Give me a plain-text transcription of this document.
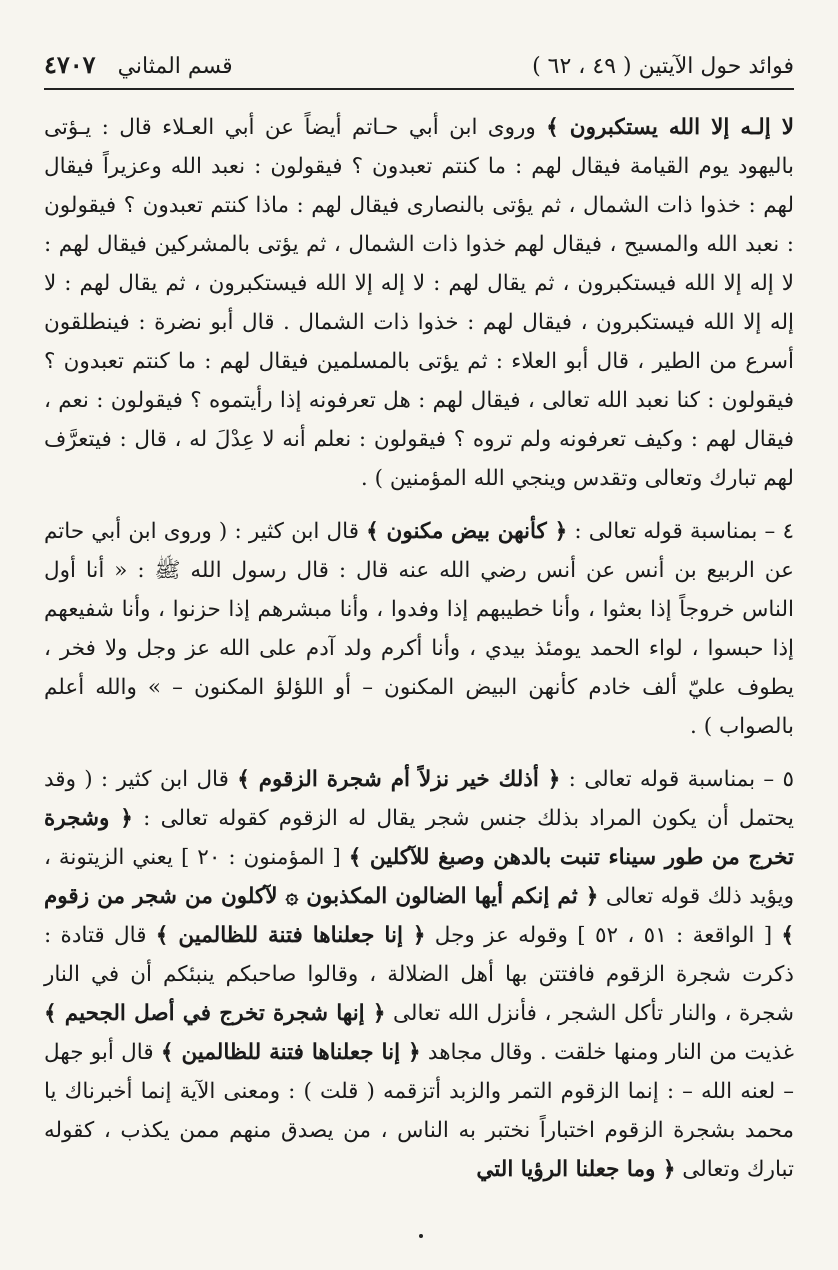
فوائد حول الآيتين ( ٤٩ ، ٦٢ )
٤٧٠٧ قسم المثاني

لا إلـه إلا الله يستكبرون ﴾ وروى ابن أبي حـاتم أيضاً عن أبي العـلاء قال : يـؤتى باليهود يوم القيامة فيقال لهم : ما كنتم تعبدون ؟ فيقولون : نعبد الله وعزيراً فيقال لهم : خذوا ذات الشمال ، ثم يؤتى بالنصارى فيقال لهم : ماذا كنتم تعبدون ؟ فيقولون : نعبد الله والمسيح ، فيقال لهم خذوا ذات الشمال ، ثم يؤتى بالمشركين فيقال لهم : لا إله إلا الله فيستكبرون ، ثم يقال لهم : لا إله إلا الله فيستكبرون ، ثم يقال لهم : لا إله إلا الله فيستكبرون ، فيقال لهم : خذوا ذات الشمال . قال أبو نضرة : فينطلقون أسرع من الطير ، قال أبو العلاء : ثم يؤتى بالمسلمين فيقال لهم : ما كنتم تعبدون ؟ فيقولون : كنا نعبد الله تعالى ، فيقال لهم : هل تعرفونه إذا رأيتموه ؟ فيقولون : نعم ، فيقال لهم : وكيف تعرفونه ولم تروه ؟ فيقولون : نعلم أنه لا عِدْلَ له ، قال : فيتعرَّف لهم تبارك وتعالى وتقدس وينجي الله المؤمنين ) .

٤ – بمناسبة قوله تعالى : ﴿ كأنهن بيض مكنون ﴾ قال ابن كثير : ( وروى ابن أبي حاتم عن الربيع بن أنس عن أنس رضي الله عنه قال : قال رسول الله ﷺ : « أنا أول الناس خروجاً إذا بعثوا ، وأنا خطيبهم إذا وفدوا ، وأنا مبشرهم إذا حزنوا ، وأنا شفيعهم إذا حبسوا ، لواء الحمد يومئذ بيدي ، وأنا أكرم ولد آدم على الله عز وجل ولا فخر ، يطوف عليّ ألف خادم كأنهن البيض المكنون – أو اللؤلؤ المكنون – » والله أعلم بالصواب ) .

٥ – بمناسبة قوله تعالى : ﴿ أذلك خير نزلاً أم شجرة الزقوم ﴾ قال ابن كثير : ( وقد يحتمل أن يكون المراد بذلك جنس شجر يقال له الزقوم كقوله تعالى : ﴿ وشجرة تخرج من طور سيناء تنبت بالدهن وصبغ للآكلين ﴾ [ المؤمنون : ٢٠ ] يعني الزيتونة ، ويؤيد ذلك قوله تعالى ﴿ ثم إنكم أيها الضالون المكذبون ۞ لآكلون من شجر من زقوم ﴾ [ الواقعة : ٥١ ، ٥٢ ] وقوله عز وجل ﴿ إنا جعلناها فتنة للظالمين ﴾ قال قتادة : ذكرت شجرة الزقوم فافتتن بها أهل الضلالة ، وقالوا صاحبكم ينبئكم أن في النار شجرة ، والنار تأكل الشجر ، فأنزل الله تعالى ﴿ إنها شجرة تخرج في أصل الجحيم ﴾ غذيت من النار ومنها خلقت . وقال مجاهد ﴿ إنا جعلناها فتنة للظالمين ﴾ قال أبو جهل – لعنه الله – : إنما الزقوم التمر والزبد أتزقمه ( قلت ) : ومعنى الآية إنما أخبرناك يا محمد بشجرة الزقوم اختباراً نختبر به الناس ، من يصدق منهم ممن يكذب ، كقوله تبارك وتعالى ﴿ وما جعلنا الرؤيا التي
